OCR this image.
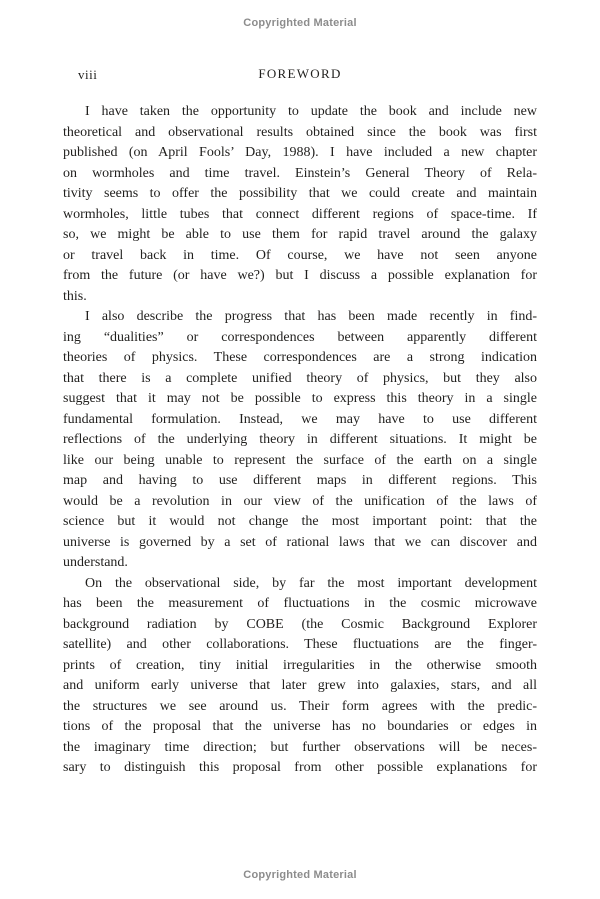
Copyrighted Material
viii	FOREWORD
I have taken the opportunity to update the book and include new
theoretical and observational results obtained since the book was first
published (on April Fools’ Day, 1988). I have included a new chapter
on wormholes and time travel. Einstein’s General Theory of Rela-
tivity seems to offer the possibility that we could create and maintain
wormholes, little tubes that connect different regions of space-time. If
so, we might be able to use them for rapid travel around the galaxy
or travel back in time. Of course, we have not seen anyone
from the future (or have we?) but I discuss a possible explanation for
this.
I also describe the progress that has been made recently in find-
ing “dualities” or correspondences between apparently different
theories of physics. These correspondences are a strong indication
that there is a complete unified theory of physics, but they also
suggest that it may not be possible to express this theory in a single
fundamental formulation. Instead, we may have to use different
reflections of the underlying theory in different situations. It might be
like our being unable to represent the surface of the earth on a single
map and having to use different maps in different regions. This
would be a revolution in our view of the unification of the laws of
science but it would not change the most important point: that the
universe is governed by a set of rational laws that we can discover and
understand.
On the observational side, by far the most important development
has been the measurement of fluctuations in the cosmic microwave
background radiation by COBE (the Cosmic Background Explorer
satellite) and other collaborations. These fluctuations are the finger-
prints of creation, tiny initial irregularities in the otherwise smooth
and uniform early universe that later grew into galaxies, stars, and all
the structures we see around us. Their form agrees with the predic-
tions of the proposal that the universe has no boundaries or edges in
the imaginary time direction; but further observations will be neces-
sary to distinguish this proposal from other possible explanations for
Copyrighted Material
